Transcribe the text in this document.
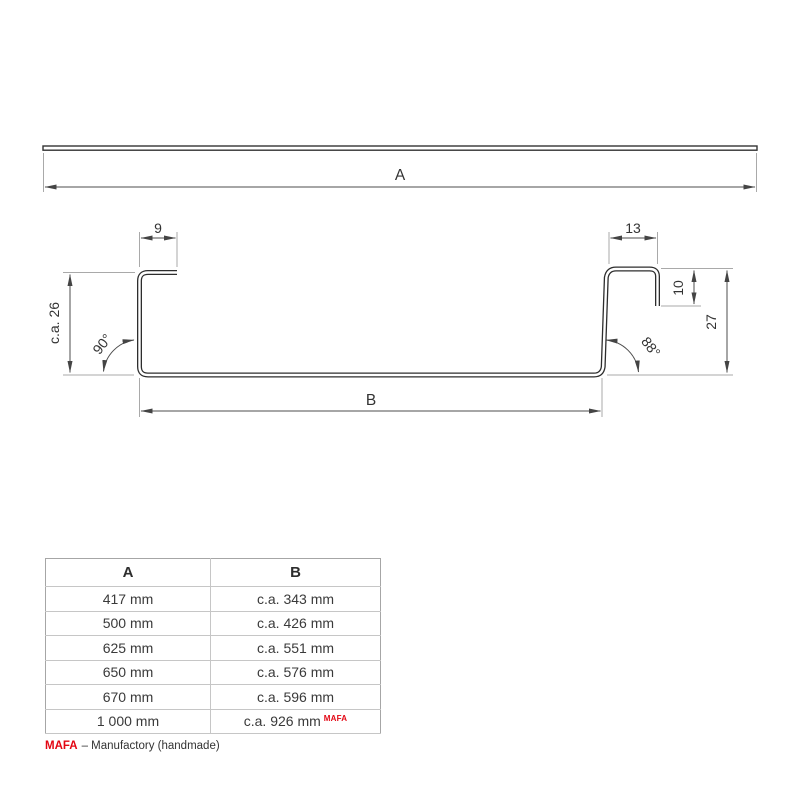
A
9	13
c.a. 26 90°	88°
10
27
B
A	B
417 mm	c.a. 343 mm
500 mm	c.a. 426 mm
625 mm	c.a. 551 mm
650 mm	c.a. 576 mm
670 mm	c.a. 596 mm
1 000 mm	c.a. 926 mm $^{MAFA}$
MAFA – Manufactory (handmade)
